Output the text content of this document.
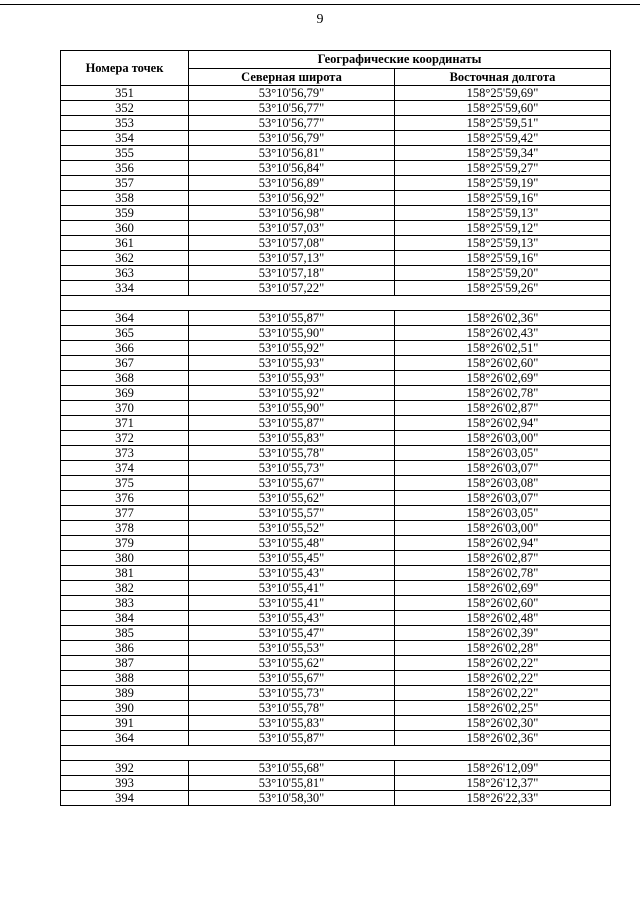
9
Номера точек	Географические координаты	
	Северная широта	Восточная долгота
351	53°10'56,79"	158°25'59,69"
352	53°10'56,77"	158°25'59,60"
353	53°10'56,77"	158°25'59,51"
354	53°10'56,79"	158°25'59,42"
355	53°10'56,81"	158°25'59,34"
356	53°10'56,84"	158°25'59,27"
357	53°10'56,89"	158°25'59,19"
358	53°10'56,92"	158°25'59,16"
359	53°10'56,98"	158°25'59,13"
360	53°10'57,03"	158°25'59,12"
361	53°10'57,08"	158°25'59,13"
362	53°10'57,13"	158°25'59,16"
363	53°10'57,18"	158°25'59,20"
334	53°10'57,22"	158°25'59,26"

364	53°10'55,87"	158°26'02,36"
365	53°10'55,90"	158°26'02,43"
366	53°10'55,92"	158°26'02,51"
367	53°10'55,93"	158°26'02,60"
368	53°10'55,93"	158°26'02,69"
369	53°10'55,92"	158°26'02,78"
370	53°10'55,90"	158°26'02,87"
371	53°10'55,87"	158°26'02,94"
372	53°10'55,83"	158°26'03,00"
373	53°10'55,78"	158°26'03,05"
374	53°10'55,73"	158°26'03,07"
375	53°10'55,67"	158°26'03,08"
376	53°10'55,62"	158°26'03,07"
377	53°10'55,57"	158°26'03,05"
378	53°10'55,52"	158°26'03,00"
379	53°10'55,48"	158°26'02,94"
380	53°10'55,45"	158°26'02,87"
381	53°10'55,43"	158°26'02,78"
382	53°10'55,41"	158°26'02,69"
383	53°10'55,41"	158°26'02,60"
384	53°10'55,43"	158°26'02,48"
385	53°10'55,47"	158°26'02,39"
386	53°10'55,53"	158°26'02,28"
387	53°10'55,62"	158°26'02,22"
388	53°10'55,67"	158°26'02,22"
389	53°10'55,73"	158°26'02,22"
390	53°10'55,78"	158°26'02,25"
391	53°10'55,83"	158°26'02,30"
364	53°10'55,87"	158°26'02,36"

392	53°10'55,68"	158°26'12,09"
393	53°10'55,81"	158°26'12,37"
394	53°10'58,30"	158°26'22,33"
